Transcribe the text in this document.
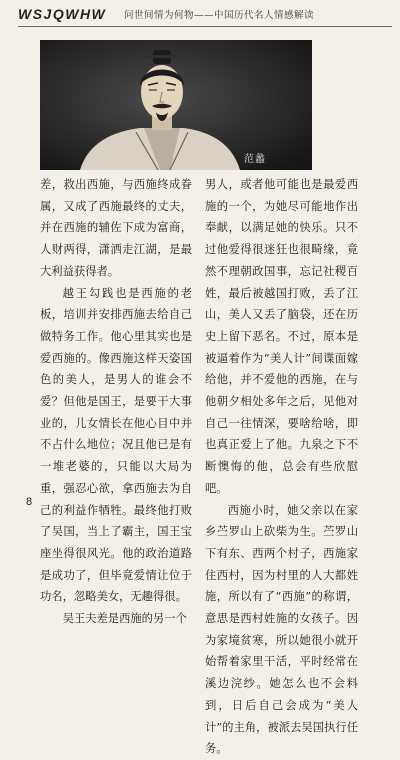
WSJQWHW 问世间情为何物——中国历代名人情感解读
范蠡

差，救出西施，与西施终成眷属，又成了西施最终的丈夫，并在西施的辅佐下成为富商，人财两得，潇洒走江湖，是最大利益获得者。

越王勾践也是西施的老板，培训并安排西施去给自己做特务工作。他心里其实也是爱西施的。像西施这样天姿国色的美人，是男人的谁会不爱？但他是国王，是要干大事业的，儿女情长在他心目中并不占什么地位；况且他已是有一堆老婆的，只能以大局为重，强忍心欲，拿西施去为自己的利益作牺牲。最终他打败了吴国，当上了霸主，国王宝座坐得很风光。他的政治道路是成功了，但毕竟爱情让位于功名，忽略美女，无趣得很。

吴王夫差是西施的另一个

男人，或者他可能也是最爱西施的一个，为她尽可能地作出奉献，以满足她的快乐。只不过他爱得很迷狂也很畸缘，竟然不理朝政国事，忘记社稷百姓，最后被越国打败，丢了江山，美人又丢了脑袋，还在历史上留下恶名。不过，原本是被逼着作为“美人计”间谍面嫁给他，并不爱他的西施，在与他朝夕相处多年之后，见他对自己一往情深，要啥给啥，即也真正爱上了他。九泉之下不断懊悔的他，总会有些欣慰吧。

西施小时，她父亲以在家乡苎罗山上砍柴为生。苎罗山下有东、西两个村子，西施家住西村，因为村里的人大都姓施，所以有了“西施”的称谓，意思是西村姓施的女孩子。因为家境贫寒，所以她很小就开始帮着家里干活，平时经常在溪边浣纱。她怎么也不会料到，日后自己会成为“美人计”的主角，被派去吴国执行任务。

8
